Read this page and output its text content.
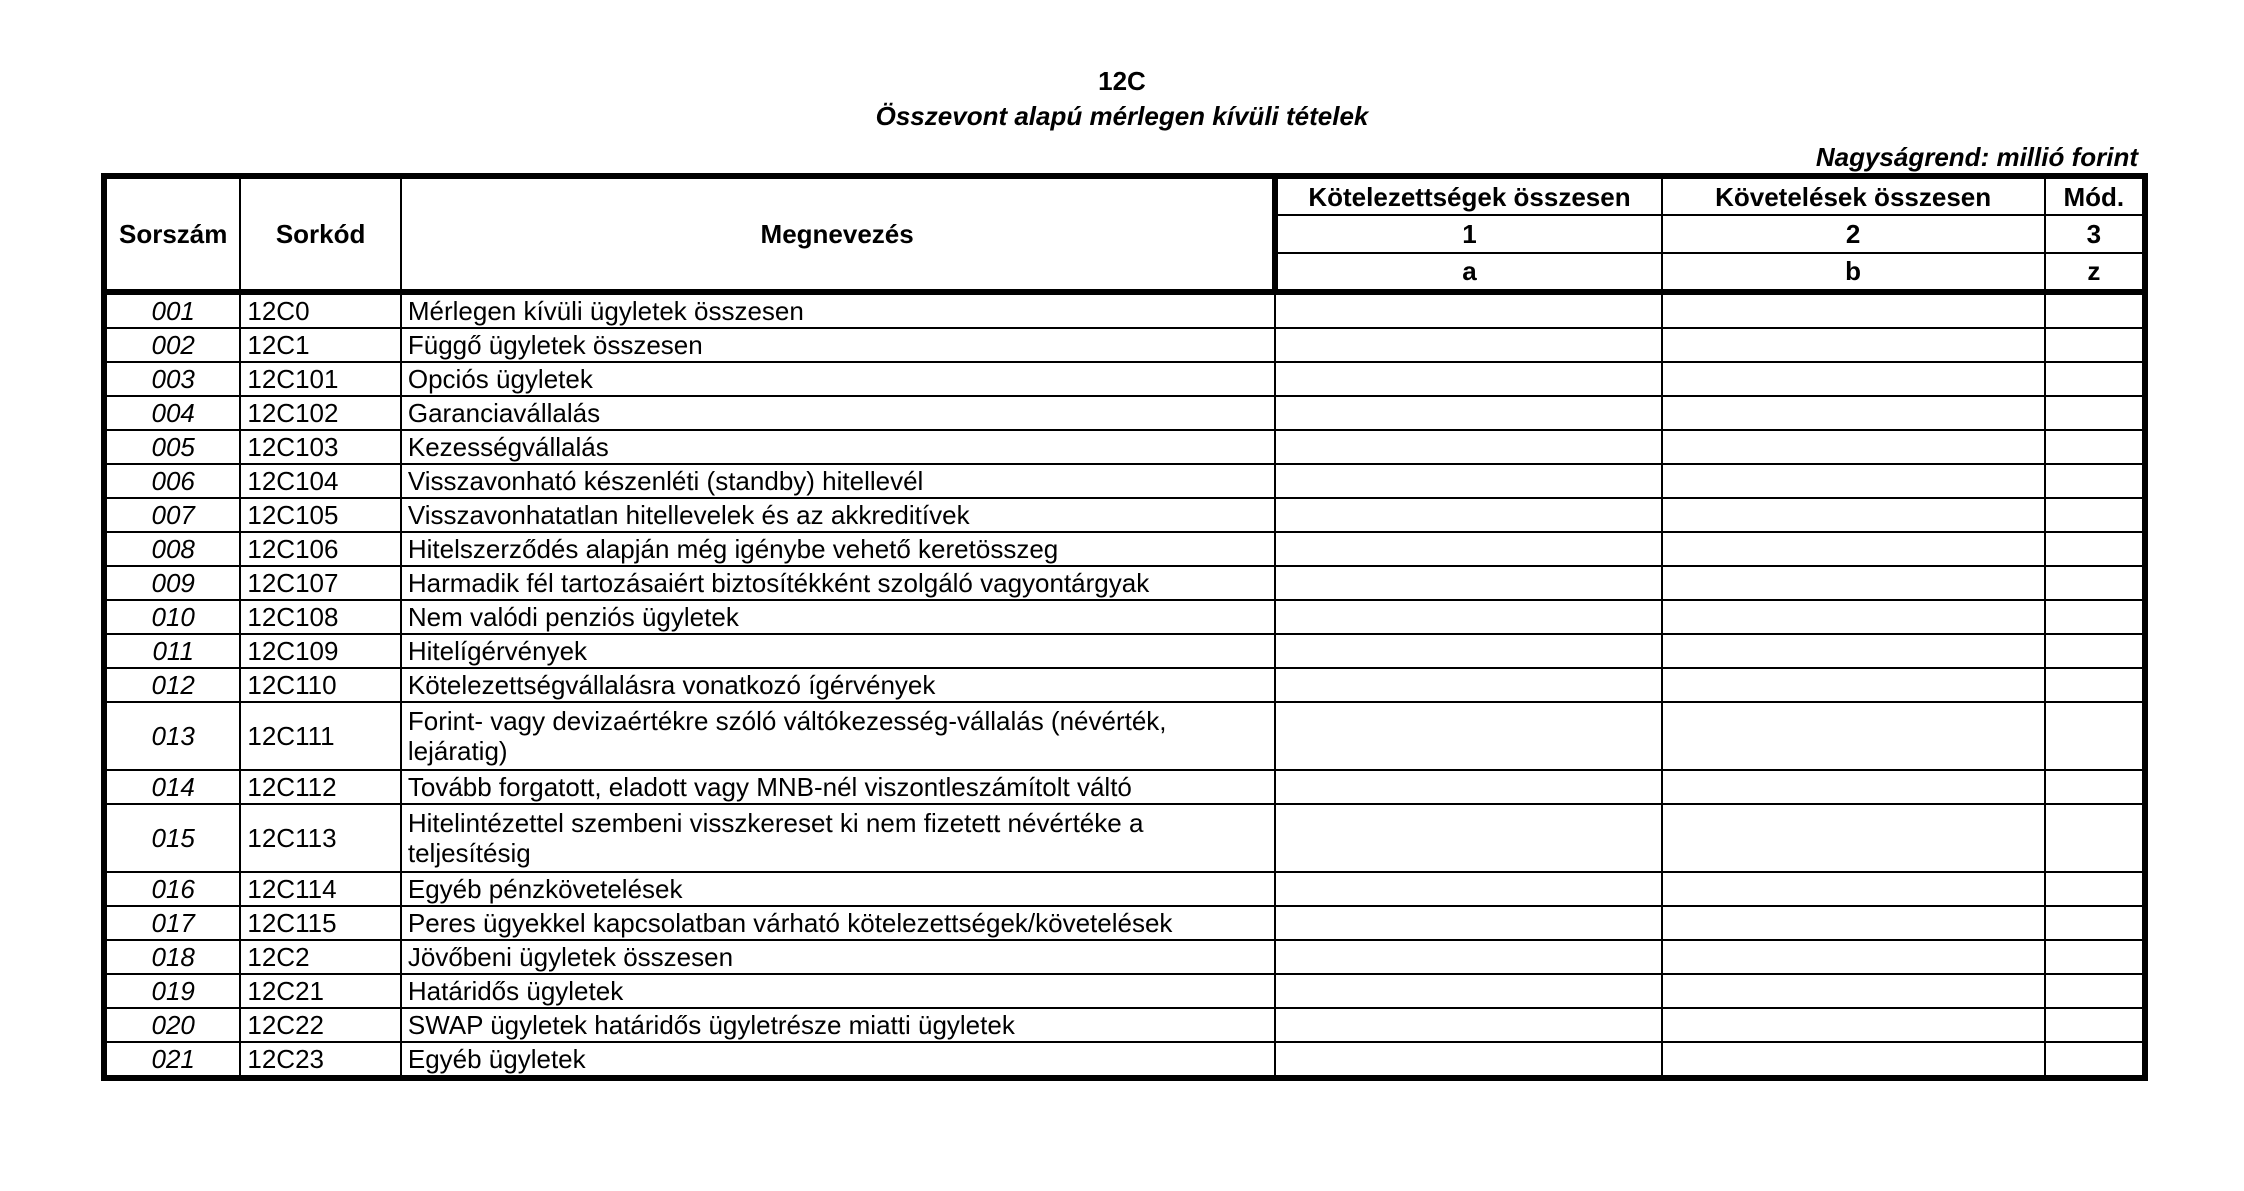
12C
Összevont alapú mérlegen kívüli tételek
Nagyságrend: millió forint
Sorszám	Sorkód	Megnevezés	Kötelezettségek összesen	Követelések összesen	Mód.
			1	2	3
			a	b	z
001	12C0	Mérlegen kívüli ügyletek összesen			
002	12C1	Függő ügyletek összesen			
003	12C101	Opciós ügyletek			
004	12C102	Garanciavállalás			
005	12C103	Kezességvállalás			
006	12C104	Visszavonható készenléti (standby) hitellevél			
007	12C105	Visszavonhatatlan hitellevelek és az akkreditívek			
008	12C106	Hitelszerződés alapján még igénybe vehető keretösszeg			
009	12C107	Harmadik fél tartozásaiért biztosítékként szolgáló vagyontárgyak			
010	12C108	Nem valódi penziós ügyletek			
011	12C109	Hitelígérvények			
012	12C110	Kötelezettségvállalásra vonatkozó ígérvények			
013	12C111	Forint- vagy devizaértékre szóló váltókezesség-vállalás (névérték, lejáratig)			
014	12C112	Tovább forgatott, eladott vagy MNB-nél viszontleszámítolt váltó			
015	12C113	Hitelintézettel szembeni visszkereset ki nem fizetett névértéke a teljesítésig			
016	12C114	Egyéb pénzkövetelések			
017	12C115	Peres ügyekkel kapcsolatban várható kötelezettségek/követelések			
018	12C2	Jövőbeni ügyletek összesen			
019	12C21	Határidős ügyletek			
020	12C22	SWAP ügyletek határidős ügyletrésze miatti ügyletek			
021	12C23	Egyéb ügyletek			
